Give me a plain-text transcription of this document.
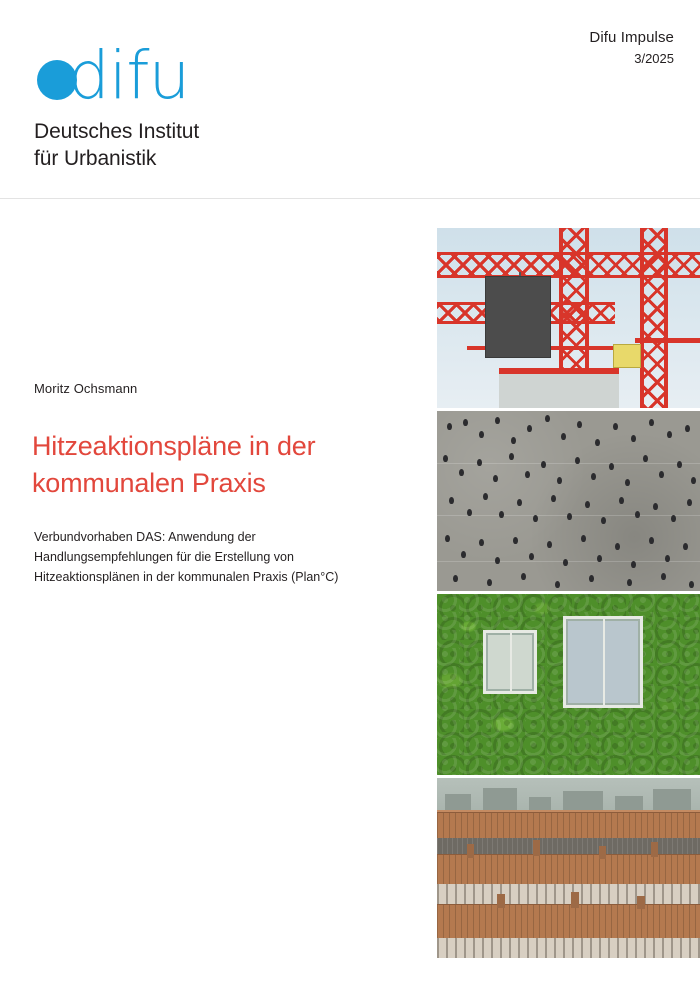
Difu Impulse
3/2025
difu
Deutsches Institut
für Urbanistik
Moritz Ochsmann
Hitzeaktionspläne in der kommunalen Praxis
Verbundvorhaben DAS: Anwendung der Handlungsempfehlungen für die Erstellung von Hitzeaktionsplänen in der kommunalen Praxis (Plan°C)
